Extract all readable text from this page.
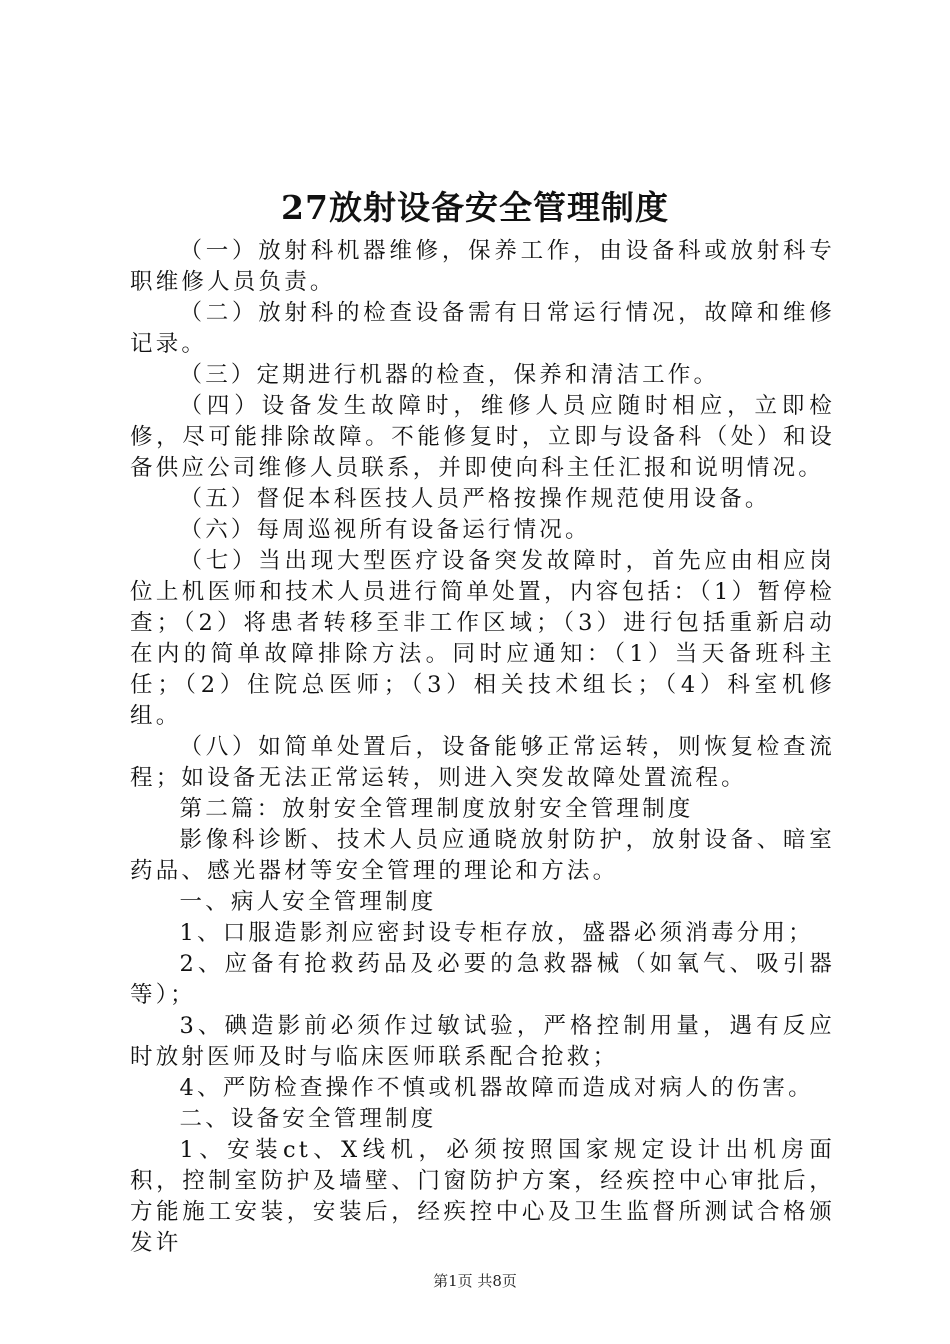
27放射设备安全管理制度

（一）放射科机器维修，保养工作，由设备科或放射科专职维修人员负责。

（二）放射科的检查设备需有日常运行情况，故障和维修记录。

（三）定期进行机器的检查，保养和清洁工作。

（四）设备发生故障时，维修人员应随时相应，立即检修，尽可能排除故障。不能修复时，立即与设备科（处）和设备供应公司维修人员联系，并即使向科主任汇报和说明情况。

（五）督促本科医技人员严格按操作规范使用设备。

（六）每周巡视所有设备运行情况。

（七）当出现大型医疗设备突发故障时，首先应由相应岗位上机医师和技术人员进行简单处置，内容包括：（1）暂停检查；（2）将患者转移至非工作区域；（3）进行包括重新启动在内的简单故障排除方法。同时应通知：（1）当天备班科主任；（2）住院总医师；（3）相关技术组长；（4）科室机修组。

（八）如简单处置后，设备能够正常运转，则恢复检查流程；如设备无法正常运转，则进入突发故障处置流程。

第二篇：放射安全管理制度放射安全管理制度

影像科诊断、技术人员应通晓放射防护，放射设备、暗室药品、感光器材等安全管理的理论和方法。

一、病人安全管理制度

1、口服造影剂应密封设专柜存放，盛器必须消毒分用；

2、应备有抢救药品及必要的急救器械（如氧气、吸引器等）；

3、碘造影前必须作过敏试验，严格控制用量，遇有反应时放射医师及时与临床医师联系配合抢救；

4、严防检查操作不慎或机器故障而造成对病人的伤害。

二、设备安全管理制度

1、安装ct、X线机，必须按照国家规定设计出机房面积，控制室防护及墙壁、门窗防护方案，经疾控中心审批后，方能施工安装，安装后，经疾控中心及卫生监督所测试合格颁发许

第1页 共8页
